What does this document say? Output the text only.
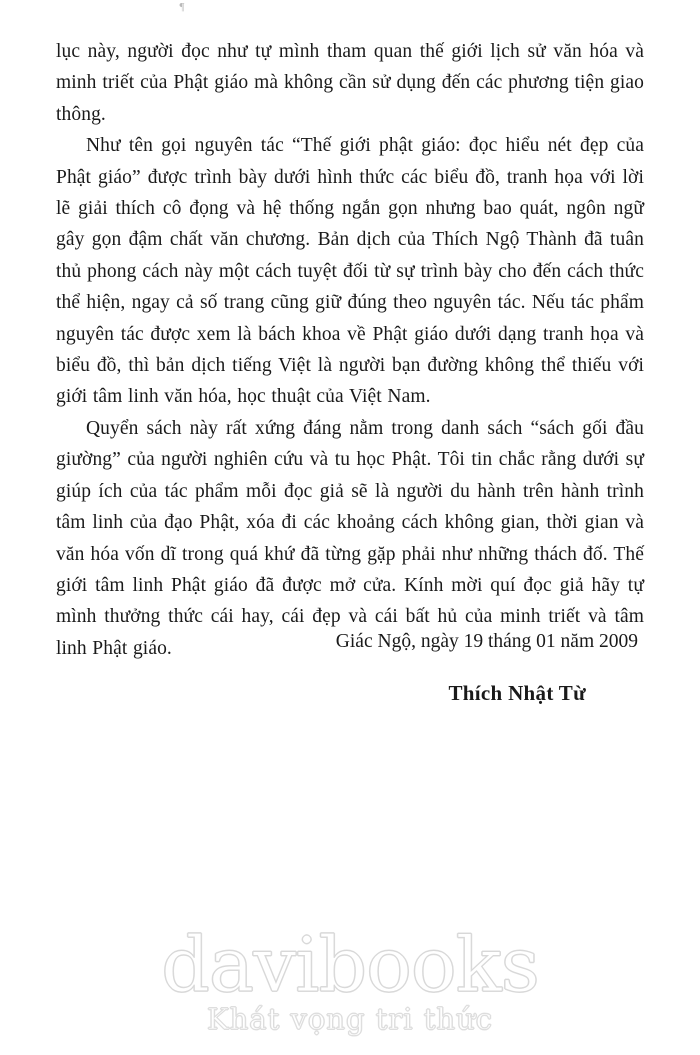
¶

lục này, người đọc như tự mình tham quan thế giới lịch sử văn hóa và minh triết của Phật giáo mà không cần sử dụng đến các phương tiện giao thông.

Như tên gọi nguyên tác “Thế giới phật giáo: đọc hiểu nét đẹp của Phật giáo” được trình bày dưới hình thức các biểu đồ, tranh họa với lời lẽ giải thích cô đọng và hệ thống ngắn gọn nhưng bao quát, ngôn ngữ gây gọn đậm chất văn chương. Bản dịch của Thích Ngộ Thành đã tuân thủ phong cách này một cách tuyệt đối từ sự trình bày cho đến cách thức thể hiện, ngay cả số trang cũng giữ đúng theo nguyên tác. Nếu tác phẩm nguyên tác được xem là bách khoa về Phật giáo dưới dạng tranh họa và biểu đồ, thì bản dịch tiếng Việt là người bạn đường không thể thiếu với giới tâm linh văn hóa, học thuật của Việt Nam.

Quyển sách này rất xứng đáng nằm trong danh sách “sách gối đầu giường” của người nghiên cứu và tu học Phật. Tôi tin chắc rằng dưới sự giúp ích của tác phẩm mỗi đọc giả sẽ là người du hành trên hành trình tâm linh của đạo Phật, xóa đi các khoảng cách không gian, thời gian và văn hóa vốn dĩ trong quá khứ đã từng gặp phải như những thách đố. Thế giới tâm linh Phật giáo đã được mở cửa. Kính mời quí đọc giả hãy tự mình thưởng thức cái hay, cái đẹp và cái bất hủ của minh triết và tâm linh Phật giáo.	Giác Ngộ, ngày 19 tháng 01 năm 2009
Thích Nhật Từ
davibooks
Khát vọng tri thức
